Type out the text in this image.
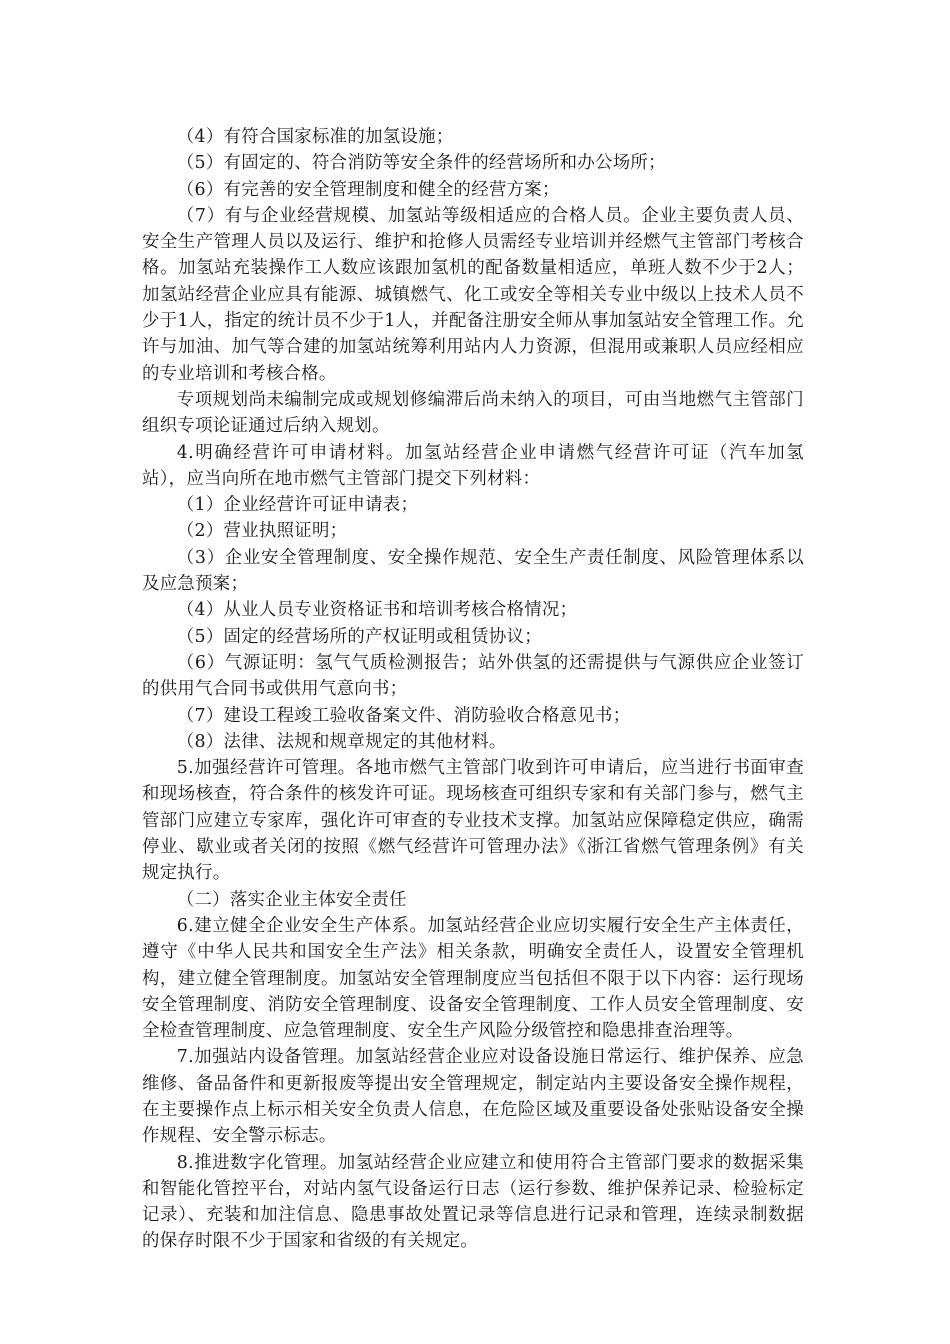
（4）有符合国家标准的加氢设施；

（5）有固定的、符合消防等安全条件的经营场所和办公场所；

（6）有完善的安全管理制度和健全的经营方案；

（7）有与企业经营规模、加氢站等级相适应的合格人员。企业主要负责人员、安全生产管理人员以及运行、维护和抢修人员需经专业培训并经燃气主管部门考核合格。加氢站充装操作工人数应该跟加氢机的配备数量相适应，单班人数不少于2人；加氢站经营企业应具有能源、城镇燃气、化工或安全等相关专业中级以上技术人员不少于1人，指定的统计员不少于1人，并配备注册安全师从事加氢站安全管理工作。允许与加油、加气等合建的加氢站统筹利用站内人力资源，但混用或兼职人员应经相应的专业培训和考核合格。

专项规划尚未编制完成或规划修编滞后尚未纳入的项目，可由当地燃气主管部门组织专项论证通过后纳入规划。

4.明确经营许可申请材料。加氢站经营企业申请燃气经营许可证（汽车加氢站），应当向所在地市燃气主管部门提交下列材料：

（1）企业经营许可证申请表；

（2）营业执照证明；

（3）企业安全管理制度、安全操作规范、安全生产责任制度、风险管理体系以及应急预案；

（4）从业人员专业资格证书和培训考核合格情况；

（5）固定的经营场所的产权证明或租赁协议；

（6）气源证明：氢气气质检测报告；站外供氢的还需提供与气源供应企业签订的供用气合同书或供用气意向书；

（7）建设工程竣工验收备案文件、消防验收合格意见书；

（8）法律、法规和规章规定的其他材料。

5.加强经营许可管理。各地市燃气主管部门收到许可申请后，应当进行书面审查和现场核查，符合条件的核发许可证。现场核查可组织专家和有关部门参与，燃气主管部门应建立专家库，强化许可审查的专业技术支撑。加氢站应保障稳定供应，确需停业、歇业或者关闭的按照《燃气经营许可管理办法》《浙江省燃气管理条例》有关规定执行。

（二）落实企业主体安全责任

6.建立健全企业安全生产体系。加氢站经营企业应切实履行安全生产主体责任，遵守《中华人民共和国安全生产法》相关条款，明确安全责任人，设置安全管理机构，建立健全管理制度。加氢站安全管理制度应当包括但不限于以下内容：运行现场安全管理制度、消防安全管理制度、设备安全管理制度、工作人员安全管理制度、安全检查管理制度、应急管理制度、安全生产风险分级管控和隐患排查治理等。

7.加强站内设备管理。加氢站经营企业应对设备设施日常运行、维护保养、应急维修、备品备件和更新报废等提出安全管理规定，制定站内主要设备安全操作规程，在主要操作点上标示相关安全负责人信息，在危险区域及重要设备处张贴设备安全操作规程、安全警示标志。

8.推进数字化管理。加氢站经营企业应建立和使用符合主管部门要求的数据采集和智能化管控平台，对站内氢气设备运行日志（运行参数、维护保养记录、检验标定记录）、充装和加注信息、隐患事故处置记录等信息进行记录和管理，连续录制数据的保存时限不少于国家和省级的有关规定。
